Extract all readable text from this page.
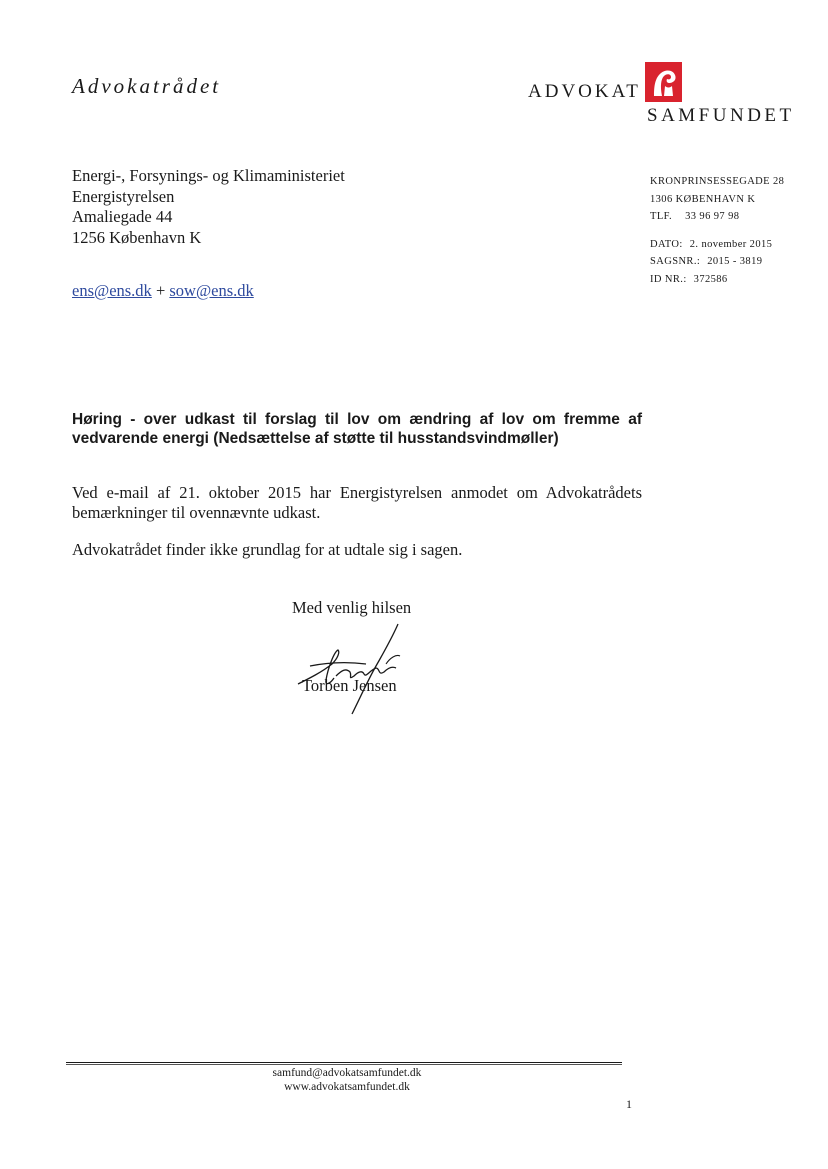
Advokatrådet	ADVOKAT
SAMFUNDET
Energi-, Forsynings- og Klimaministeriet
Energistyrelsen
Amaliegade 44
1256 København K
ens@ens.dk + sow@ens.dk
KRONPRINSESSEGADE 28
1306 KØBENHAVN K
TLF. 33 96 97 98
DATO: 2. november 2015
SAGSNR.: 2015 - 3819
ID NR.: 372586
Høring - over udkast til forslag til lov om ændring af lov om fremme af vedvarende energi (Nedsættelse af støtte til husstandsvindmøller)
Ved e-mail af 21. oktober 2015 har Energistyrelsen anmodet om Advokatrådets bemærkninger til ovennævnte udkast.
Advokatrådet finder ikke grundlag for at udtale sig i sagen.
Med venlig hilsen
Torben Jensen
samfund@advokatsamfundet.dk
www.advokatsamfundet.dk
1
